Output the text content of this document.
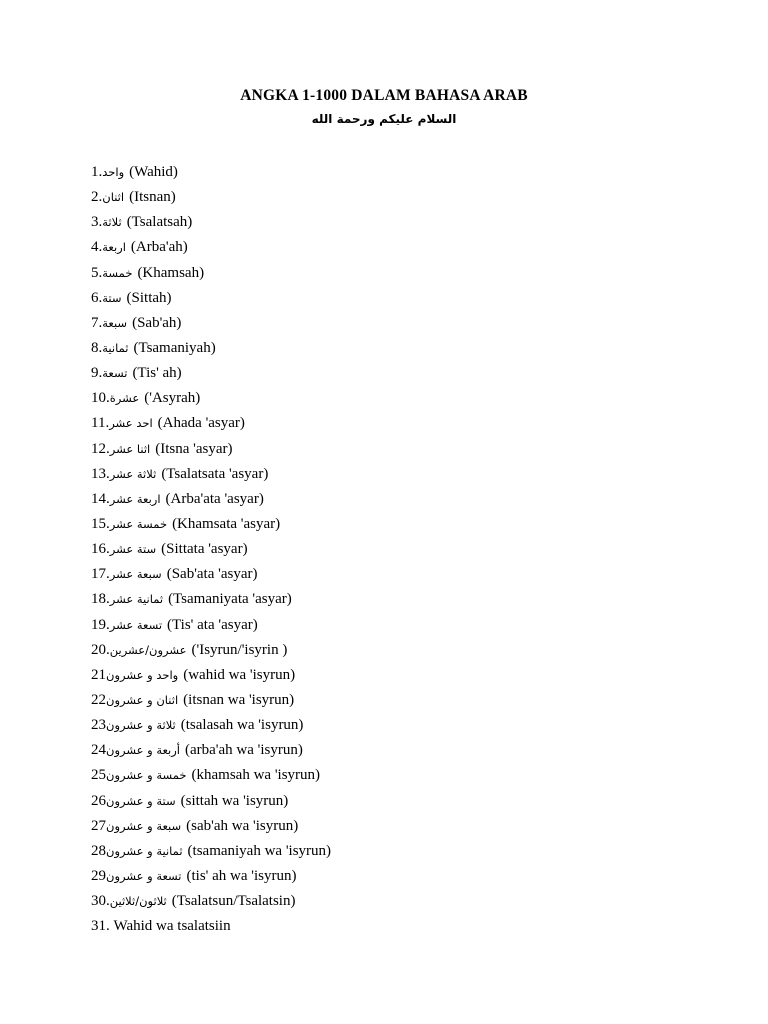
ANGKA 1-1000 DALAM BAHASA ARAB
السلام عليكم ورحمة الله
1.واحد (Wahid)
2.اثنان (Itsnan)
3.ثلاثة (Tsalatsah)
4.اربعة (Arba'ah)
5.خمسة (Khamsah)
6.ستة (Sittah)
7.سبعة (Sab'ah)
8.ثمانية (Tsamaniyah)
9.تسعة (Tis' ah)
10.عشرة ('Asyrah)
11.احد عشر (Ahada 'asyar)
12.اثنا عشر (Itsna 'asyar)
13.ثلاثة عشر (Tsalatsata 'asyar)
14.اربعة عشر (Arba'ata 'asyar)
15.خمسة عشر (Khamsata 'asyar)
16.ستة عشر (Sittata 'asyar)
17.سبعة عشر (Sab'ata 'asyar)
18.ثمانية عشر (Tsamaniyata 'asyar)
19.تسعة عشر (Tis' ata 'asyar)
20.عشرون/عشرين ('Isyrun/'isyrin )
21واحد و عشرون (wahid wa 'isyrun)
22اثنان و عشرون (itsnan wa 'isyrun)
23ثلاثة و عشرون (tsalasah wa 'isyrun)
24أربعة و عشرون (arba'ah wa 'isyrun)
25خمسة و عشرون (khamsah wa 'isyrun)
26ستة و عشرون (sittah wa 'isyrun)
27سبعة و عشرون (sab'ah wa 'isyrun)
28ثمانية و عشرون (tsamaniyah wa 'isyrun)
29تسعة و عشرون (tis' ah wa 'isyrun)
30.ثلاثون/ثلاثين (Tsalatsun/Tsalatsin)
31. Wahid wa tsalatsiin
